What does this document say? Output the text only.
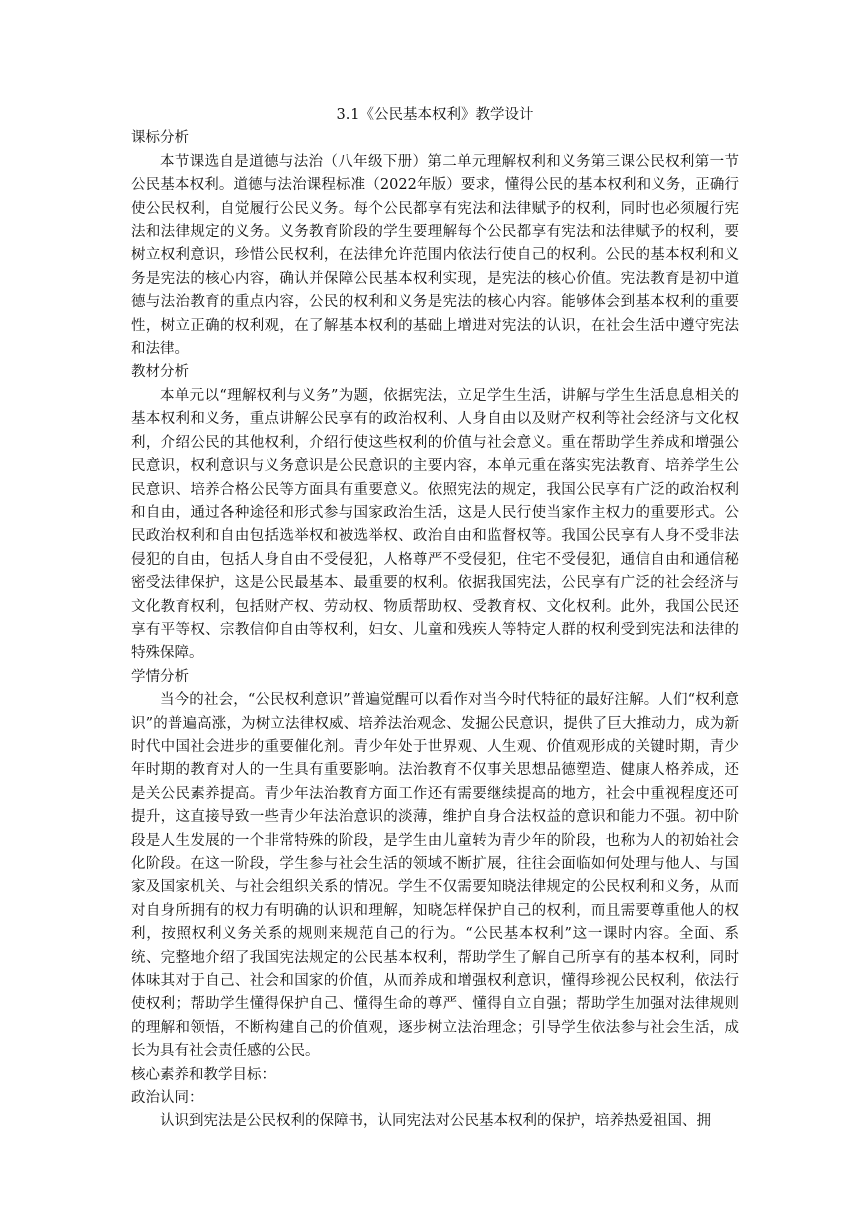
3.1《公民基本权利》教学设计
课标分析

本节课选自是道德与法治（八年级下册）第二单元理解权利和义务第三课公民权利第一节公民基本权利。道德与法治课程标准（2022年版）要求，懂得公民的基本权利和义务，正确行使公民权利，自觉履行公民义务。每个公民都享有宪法和法律赋予的权利，同时也必须履行宪法和法律规定的义务。义务教育阶段的学生要理解每个公民都享有宪法和法律赋予的权利，要树立权利意识，珍惜公民权利，在法律允许范围内依法行使自己的权利。公民的基本权利和义务是宪法的核心内容，确认并保障公民基本权利实现，是宪法的核心价值。宪法教育是初中道德与法治教育的重点内容，公民的权利和义务是宪法的核心内容。能够体会到基本权利的重要性，树立正确的权利观，在了解基本权利的基础上增进对宪法的认识，在社会生活中遵守宪法和法律。

教材分析

本单元以“理解权利与义务”为题，依据宪法，立足学生生活，讲解与学生生活息息相关的基本权利和义务，重点讲解公民享有的政治权利、人身自由以及财产权利等社会经济与文化权利，介绍公民的其他权利，介绍行使这些权利的价值与社会意义。重在帮助学生养成和增强公民意识，权利意识与义务意识是公民意识的主要内容，本单元重在落实宪法教育、培养学生公民意识、培养合格公民等方面具有重要意义。依照宪法的规定，我国公民享有广泛的政治权利和自由，通过各种途径和形式参与国家政治生活，这是人民行使当家作主权力的重要形式。公民政治权利和自由包括选举权和被选举权、政治自由和监督权等。我国公民享有人身不受非法侵犯的自由，包括人身自由不受侵犯，人格尊严不受侵犯，住宅不受侵犯，通信自由和通信秘密受法律保护，这是公民最基本、最重要的权利。依据我国宪法，公民享有广泛的社会经济与文化教育权利，包括财产权、劳动权、物质帮助权、受教育权、文化权利。此外，我国公民还享有平等权、宗教信仰自由等权利，妇女、儿童和残疾人等特定人群的权利受到宪法和法律的特殊保障。

学情分析

当今的社会，“公民权利意识”普遍觉醒可以看作对当今时代特征的最好注解。人们“权利意识”的普遍高涨，为树立法律权威、培养法治观念、发掘公民意识，提供了巨大推动力，成为新时代中国社会进步的重要催化剂。青少年处于世界观、人生观、价值观形成的关键时期，青少年时期的教育对人的一生具有重要影响。法治教育不仅事关思想品德塑造、健康人格养成，还是关公民素养提高。青少年法治教育方面工作还有需要继续提高的地方，社会中重视程度还可提升，这直接导致一些青少年法治意识的淡薄，维护自身合法权益的意识和能力不强。初中阶段是人生发展的一个非常特殊的阶段，是学生由儿童转为青少年的阶段，也称为人的初始社会化阶段。在这一阶段，学生参与社会生活的领域不断扩展，往往会面临如何处理与他人、与国家及国家机关、与社会组织关系的情况。学生不仅需要知晓法律规定的公民权利和义务，从而对自身所拥有的权力有明确的认识和理解，知晓怎样保护自己的权利，而且需要尊重他人的权利，按照权利义务关系的规则来规范自己的行为。“公民基本权利”这一课时内容。全面、系统、完整地介绍了我国宪法规定的公民基本权利，帮助学生了解自己所享有的基本权利，同时体味其对于自己、社会和国家的价值，从而养成和增强权利意识，懂得珍视公民权利，依法行使权利；帮助学生懂得保护自己、懂得生命的尊严、懂得自立自强；帮助学生加强对法律规则的理解和领悟，不断构建自己的价值观，逐步树立法治理念；引导学生依法参与社会生活，成长为具有社会责任感的公民。

核心素养和教学目标：
政治认同：

认识到宪法是公民权利的保障书，认同宪法对公民基本权利的保护，培养热爱祖国、拥
